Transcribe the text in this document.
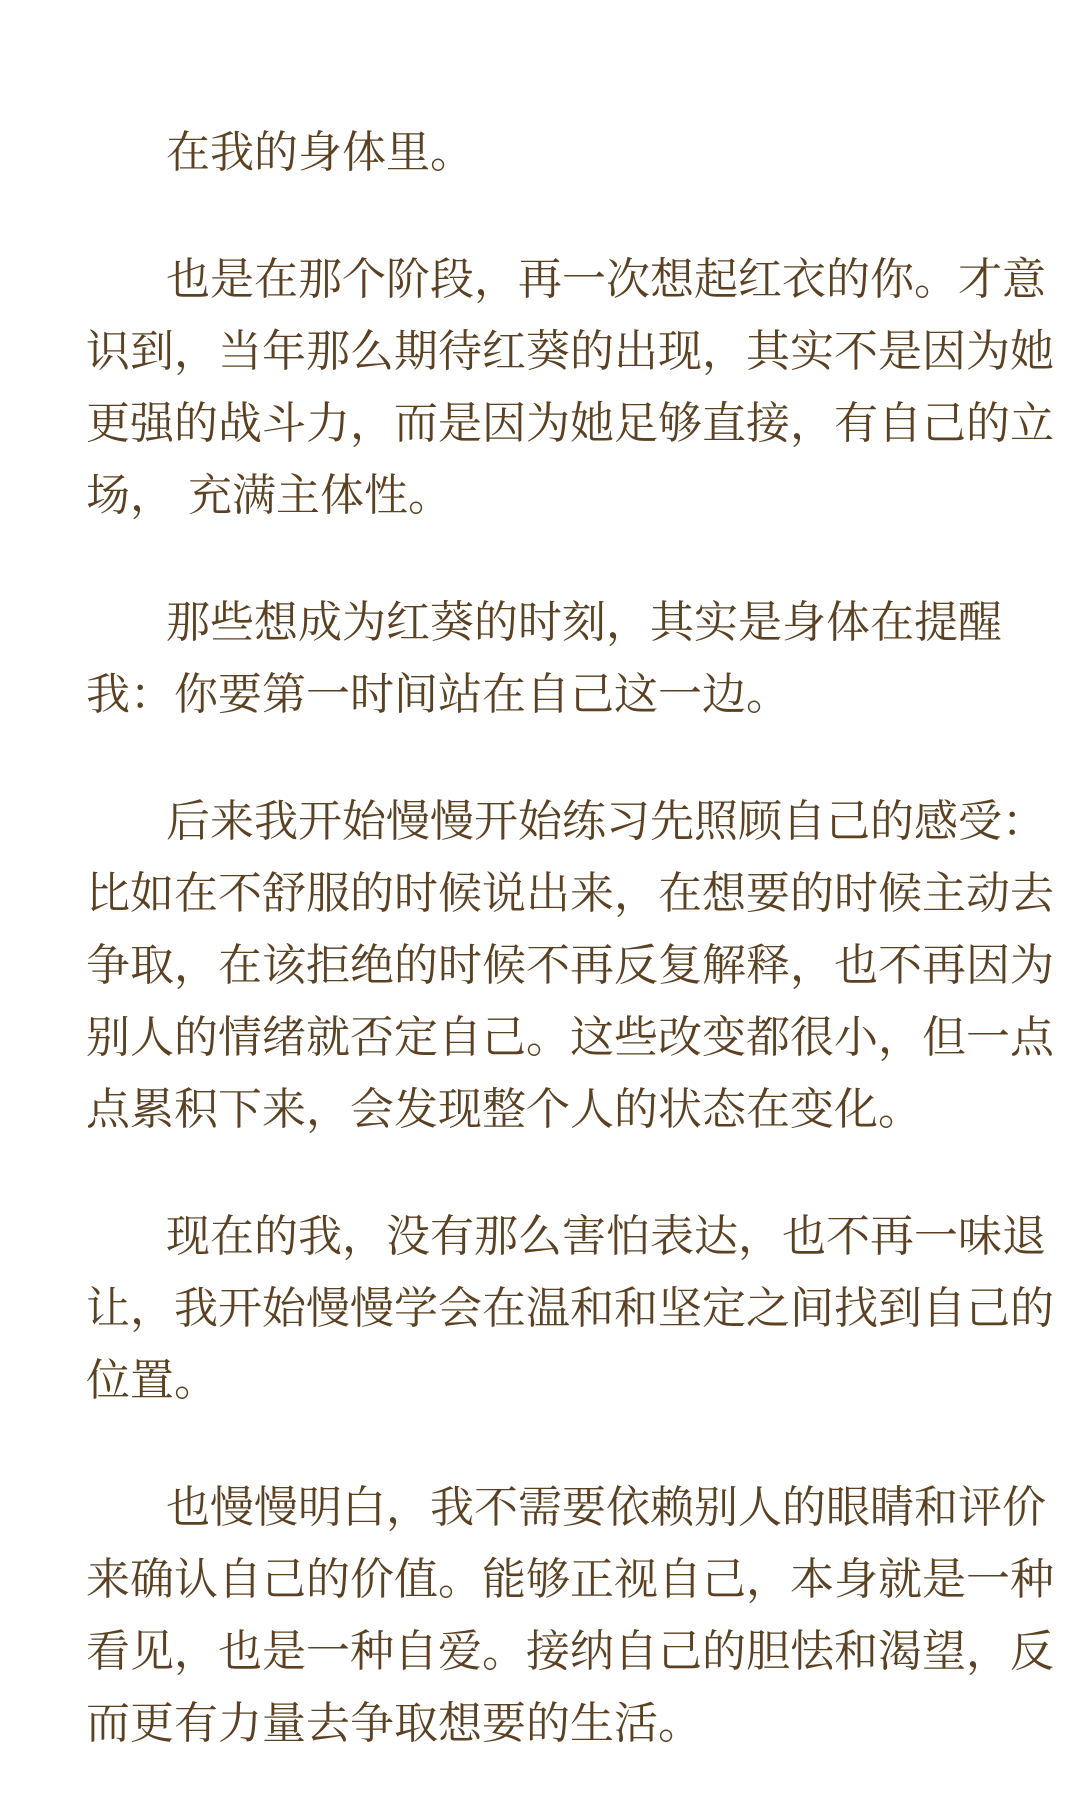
在我的身体里。
也是在那个阶段，再一次想起红衣的你。才意
识到，当年那么期待红葵的出现，其实不是因为她
更强的战斗力，而是因为她足够直接，有自己的立
场， 充满主体性。
那些想成为红葵的时刻，其实是身体在提醒
我：你要第一时间站在自己这一边。
后来我开始慢慢开始练习先照顾自己的感受：
比如在不舒服的时候说出来，在想要的时候主动去
争取，在该拒绝的时候不再反复解释，也不再因为
别人的情绪就否定自己。这些改变都很小，但一点
点累积下来，会发现整个人的状态在变化。
现在的我，没有那么害怕表达，也不再一味退
让，我开始慢慢学会在温和和坚定之间找到自己的
位置。
也慢慢明白，我不需要依赖别人的眼睛和评价
来确认自己的价值。能够正视自己，本身就是一种
看见，也是一种自爱。接纳自己的胆怯和渴望，反
而更有力量去争取想要的生活。
